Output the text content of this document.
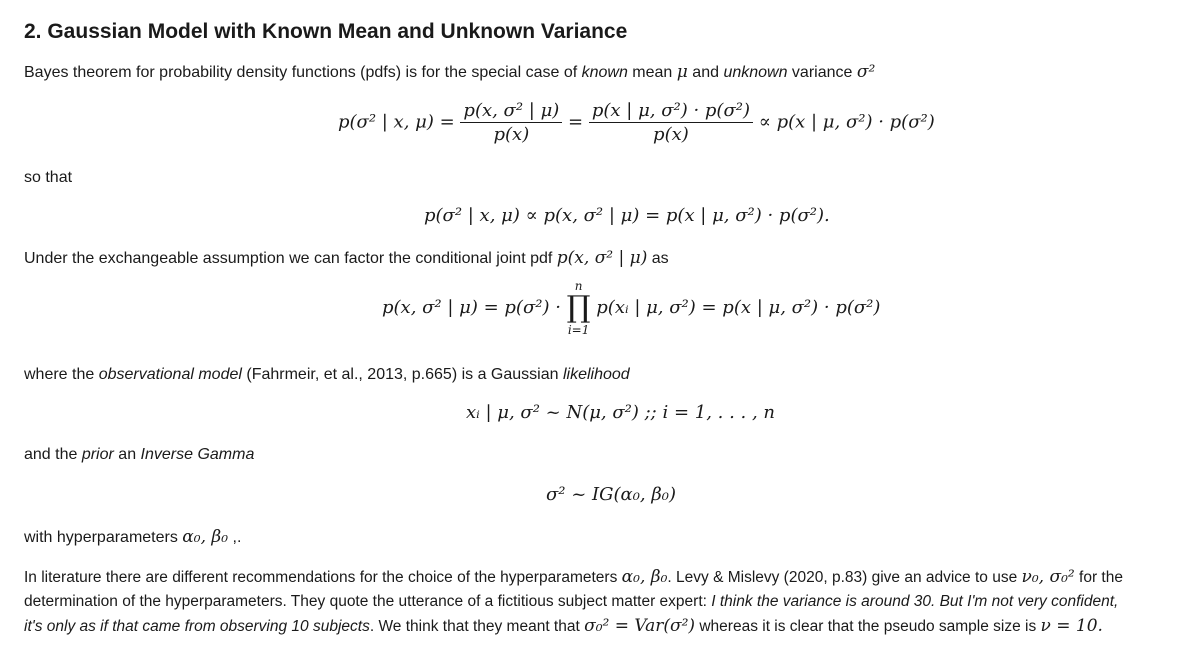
2. Gaussian Model with Known Mean and Unknown Variance
Bayes theorem for probability density functions (pdfs) is for the special case of known mean μ and unknown variance σ²
p(σ² | x, $\mu) = \frac{\text{p(x, σ² | μ)}}{p(x)} = \frac{\text{p(x | μ, σ²) · p(σ²)}}{p(x)} \propto p(x$ | μ, σ²) · p(σ²)
so that
p(σ² | x, μ) ∝ p(x, σ² | μ) = p(x | μ, σ²) · p(σ²).
Under the exchangeable assumption we can factor the conditional joint pdf p(x, σ² | μ) as
p(x, σ² | μ) = p(σ²) ·
n
∏
i=1
p(xᵢ | μ, σ²) = p(x | μ, σ²) · p(σ²)
where the observational model (Fahrmeir, et al., 2013, p.665) is a Gaussian likelihood
xᵢ | μ, σ² ~ N(μ, σ²) ;; i = 1, . . . , n
and the prior an Inverse Gamma
σ² ~ IG(α₀, β₀)
with hyperparameters α₀, β₀ ,.
In literature there are different recommendations for the choice of the hyperparameters α₀, β₀. Levy & Mislevy (2020, p.83) give an advice to use ν₀, σ₀² for the
determination of the hyperparameters. They quote the utterance of a fictitious subject matter expert: I think the variance is around 30. But I'm not very confident,
it's only as if that came from observing 10 subjects. We think that they meant that σ₀² = Var(σ²) whereas it is clear that the pseudo sample size is ν = 10.
